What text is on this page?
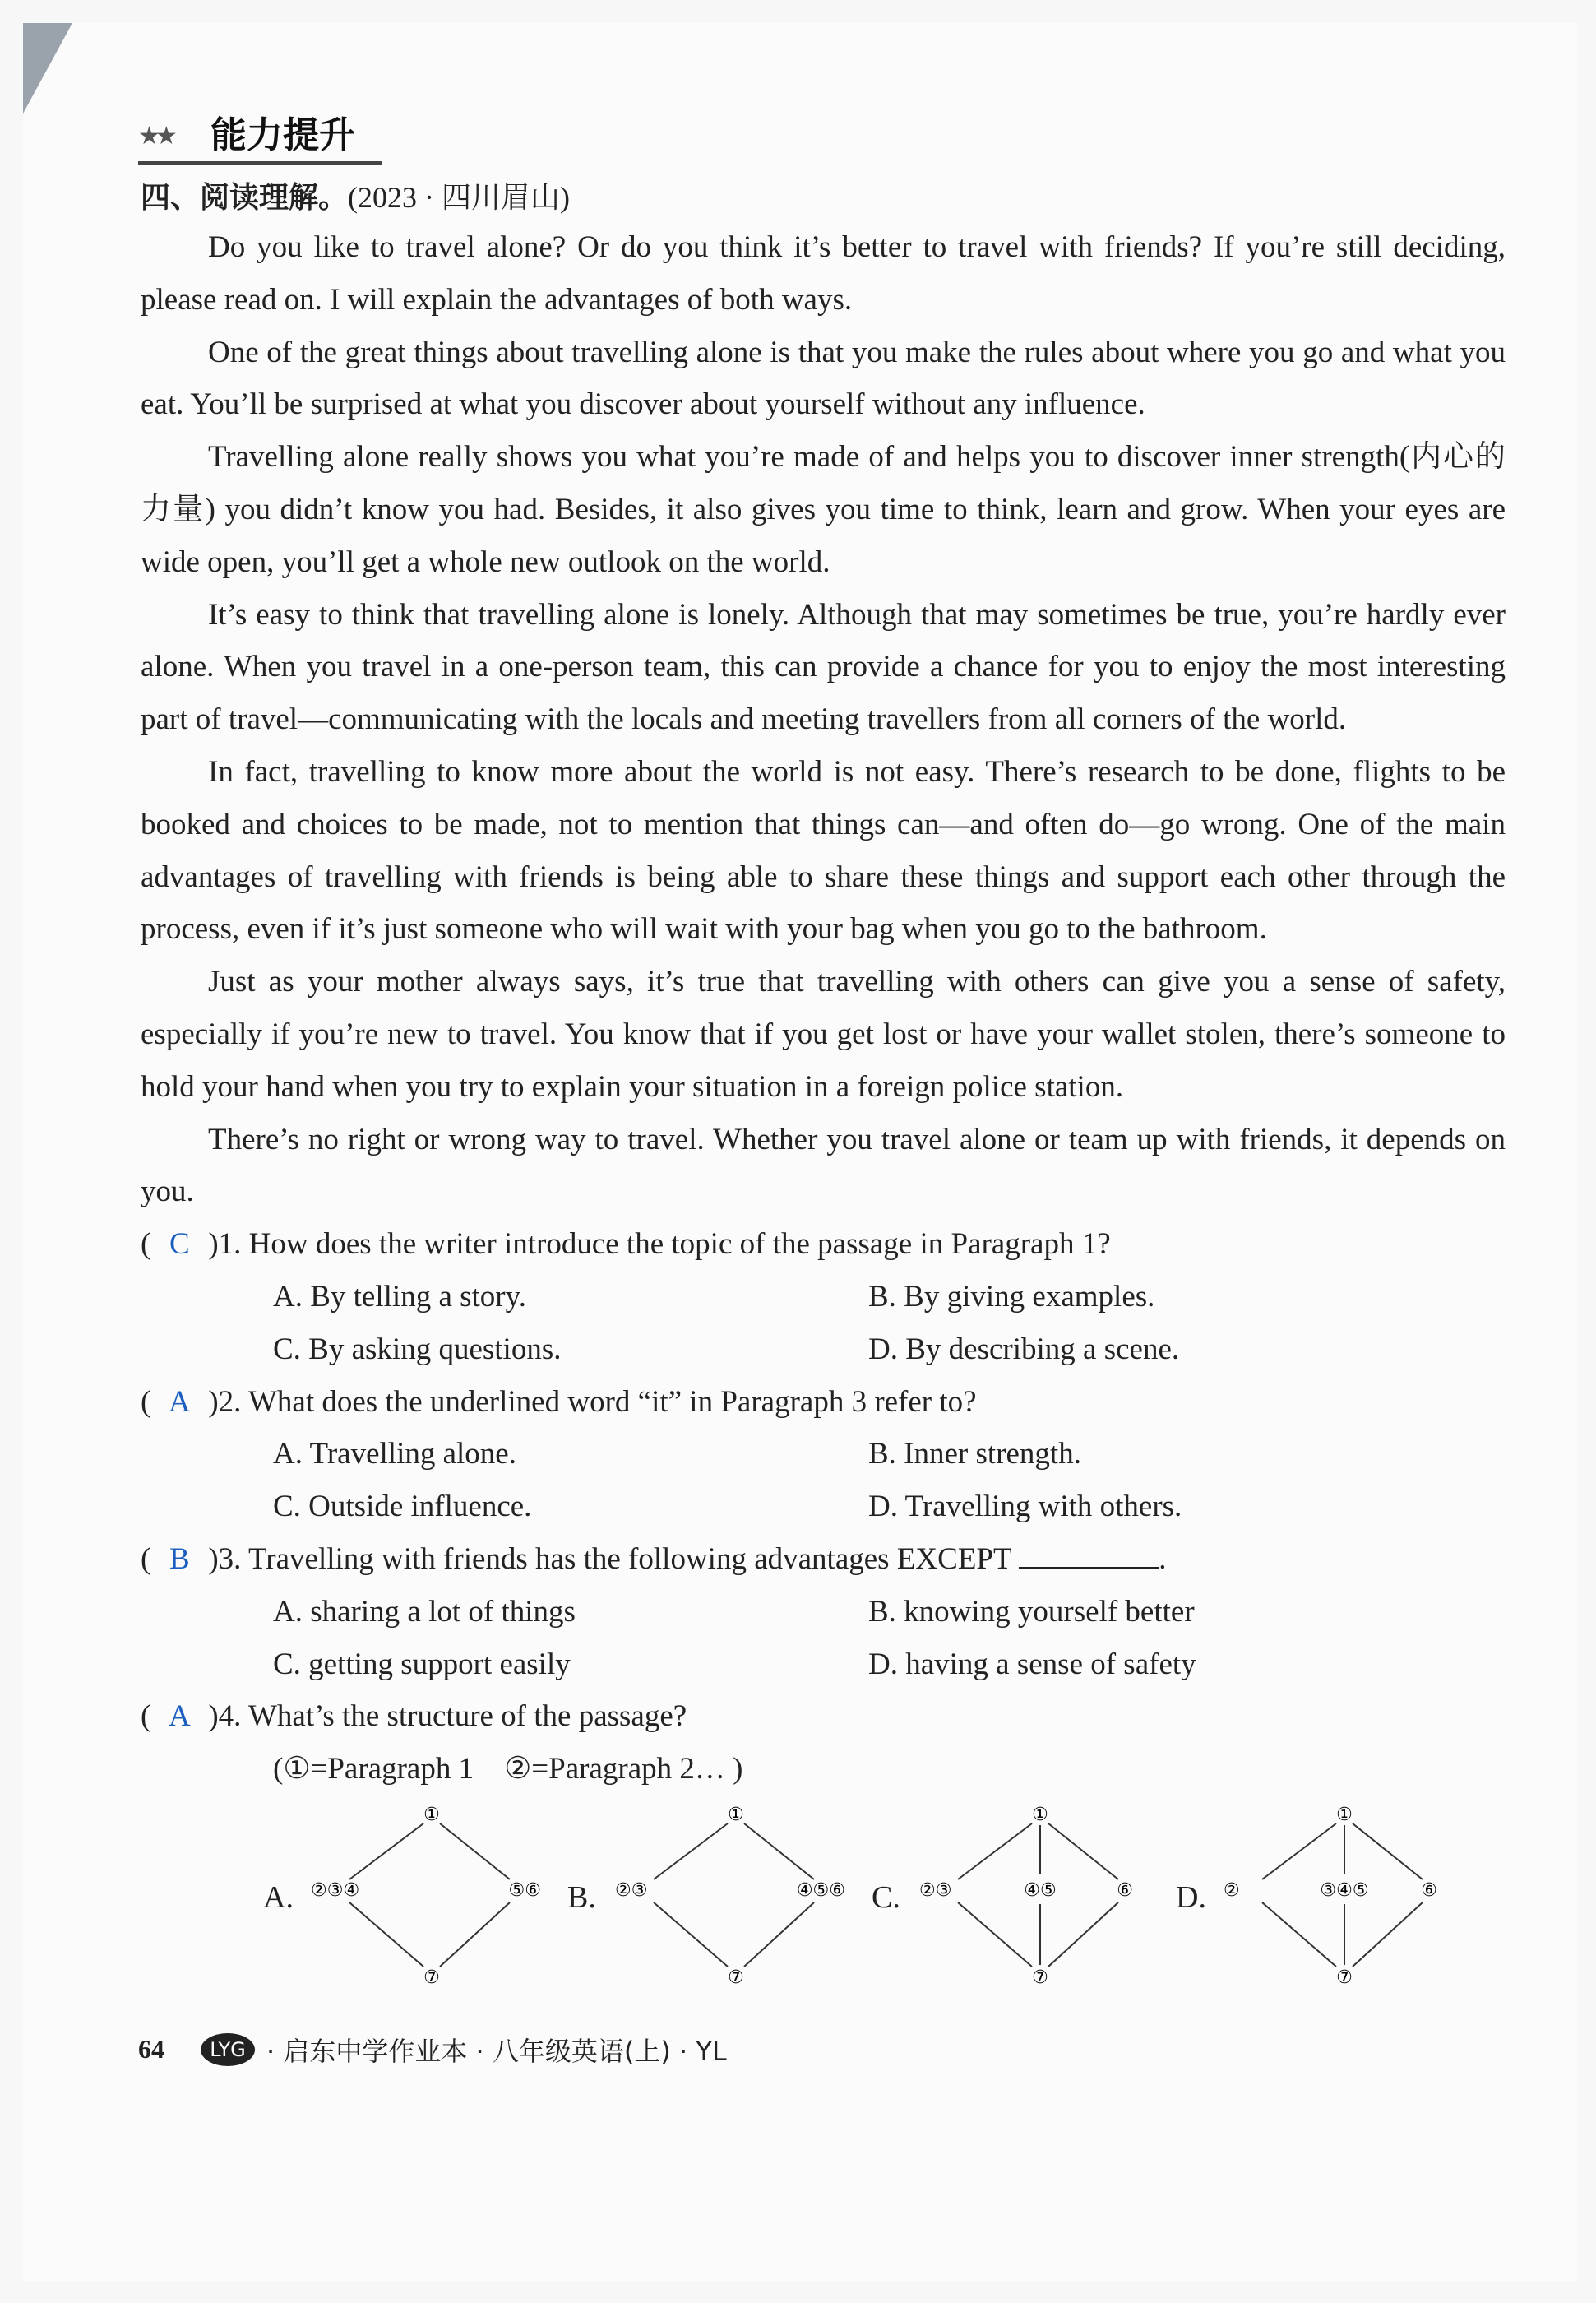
★★ 能力提升
四、阅读理解。(2023 · 四川眉山)

Do you like to travel alone? Or do you think it’s better to travel with friends? If you’re still deciding, please read on. I will explain the advantages of both ways.

One of the great things about travelling alone is that you make the rules about where you go and what you eat. You’ll be surprised at what you discover about yourself without any influence.

Travelling alone really shows you what you’re made of and helps you to discover inner strength(内心的力量) you didn’t know you had. Besides, it also gives you time to think, learn and grow. When your eyes are wide open, you’ll get a whole new outlook on the world.

It’s easy to think that travelling alone is lonely. Although that may sometimes be true, you’re hardly ever alone. When you travel in a one-person team, this can provide a chance for you to enjoy the most interesting part of travel—communicating with the locals and meeting travellers from all corners of the world.

In fact, travelling to know more about the world is not easy. There’s research to be done, flights to be booked and choices to be made, not to mention that things can—and often do—go wrong. One of the main advantages of travelling with friends is being able to share these things and support each other through the process, even if it’s just someone who will wait with your bag when you go to the bathroom.

Just as your mother always says, it’s true that travelling with others can give you a sense of safety, especially if you’re new to travel. You know that if you get lost or have your wallet stolen, there’s someone to hold your hand when you try to explain your situation in a foreign police station.

There’s no right or wrong way to travel. Whether you travel alone or team up with friends, it depends on you.

( C )1. How does the writer introduce the topic of the passage in Paragraph 1?
A. By telling a story.	B. By giving examples.
C. By asking questions.	D. By describing a scene.
( A )2. What does the underlined word “it” in Paragraph 3 refer to?
A. Travelling alone.	B. Inner strength.
C. Outside influence.	D. Travelling with others.
( B )3. Travelling with friends has the following advantages EXCEPT	.
A. sharing a lot of things	B. knowing yourself better
C. getting support easily	D. having a sense of safety
( A )4. What’s the structure of the passage?
(①=Paragraph 1　②=Paragraph 2… )
A.
①
②③④	⑤⑥
⑦
B.
①
②③	④⑤⑥
⑦
C.
①
②③	④⑤	⑥
⑦
D.
①
②	③④⑤	⑥
⑦
64	LYG · 启东中学作业本 · 八年级英语(上) · YL
